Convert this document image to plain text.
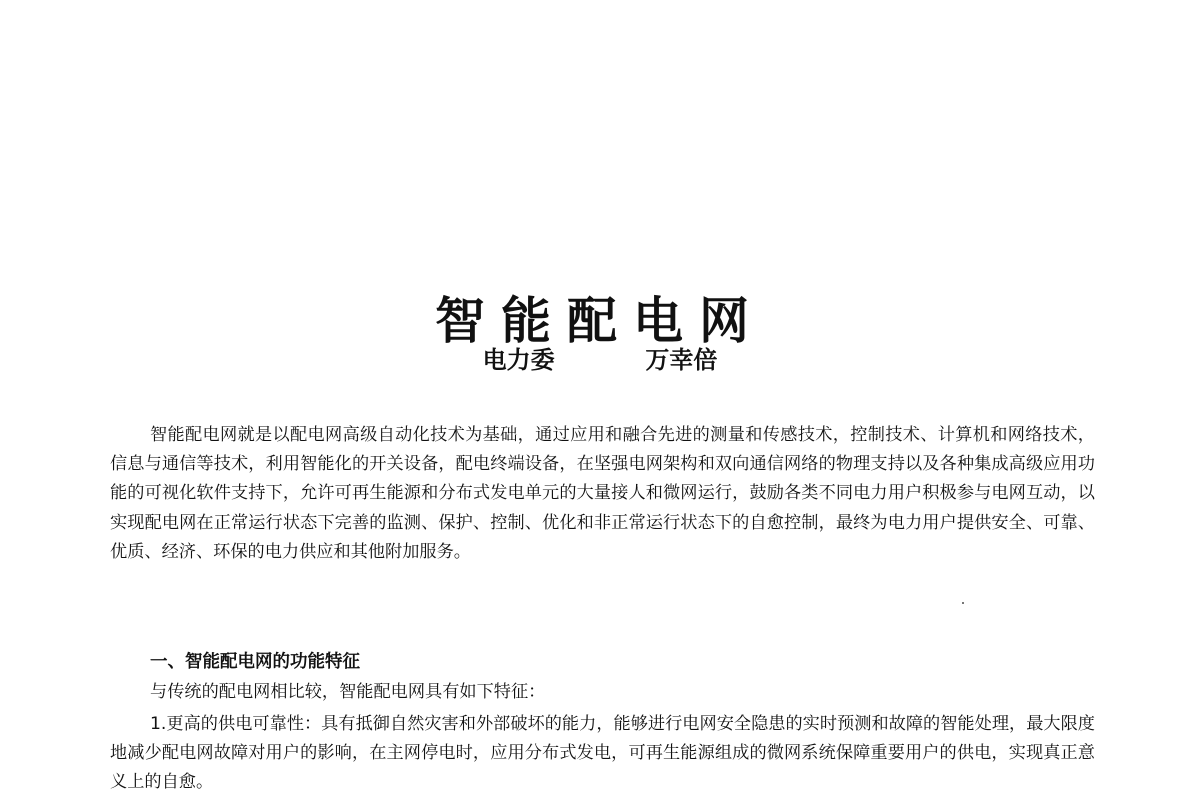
智能配电网
电力委	万幸倍

智能配电网就是以配电网高级自动化技术为基础，通过应用和融合先进的测量和传感技术，控制技术、计算机和网络技术，信息与通信等技术，利用智能化的开关设备，配电终端设备，在坚强电网架构和双向通信网络的物理支持以及各种集成高级应用功能的可视化软件支持下，允许可再生能源和分布式发电单元的大量接人和微网运行，鼓励各类不同电力用户积极参与电网互动，以实现配电网在正常运行状态下完善的监测、保护、控制、优化和非正常运行状态下的自愈控制，最终为电力用户提供安全、可靠、优质、经济、环保的电力供应和其他附加服务。

一、智能配电网的功能特征

与传统的配电网相比较，智能配电网具有如下特征：

1.更高的供电可靠性：具有抵御自然灾害和外部破坏的能力，能够进行电网安全隐患的实时预测和故障的智能处理，最大限度地减少配电网故障对用户的影响，在主网停电时，应用分布式发电，可再生能源组成的微网系统保障重要用户的供电，实现真正意义上的自愈。
